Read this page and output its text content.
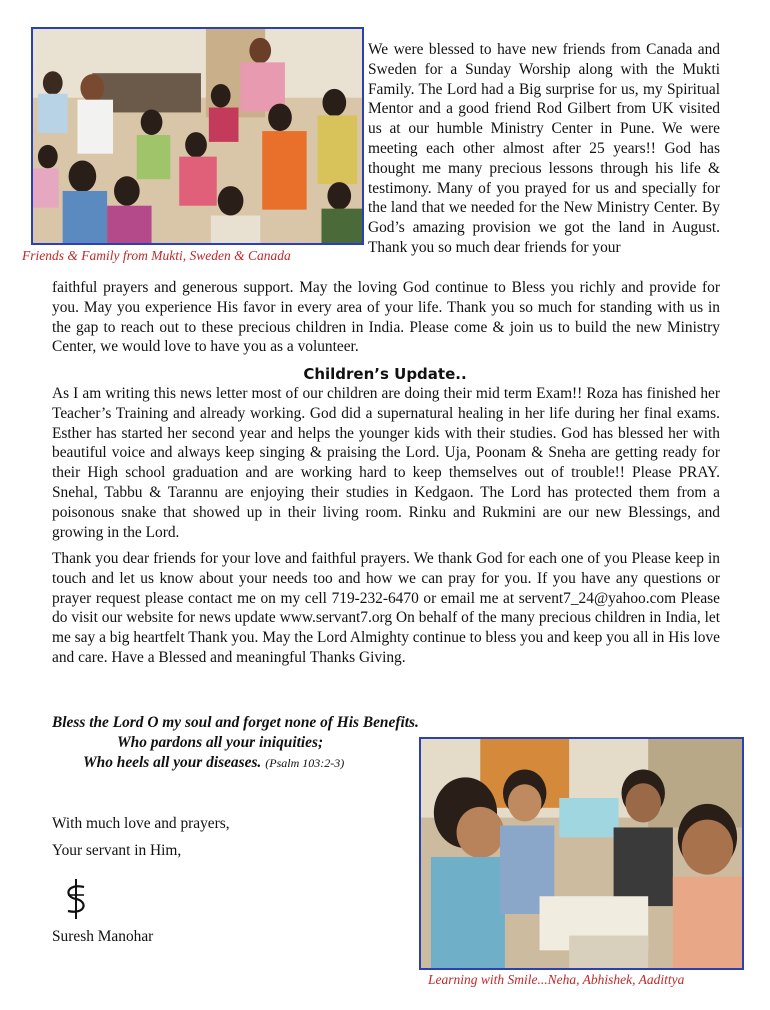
Friends & Family from Mukti, Sweden & Canada

We were blessed to have new friends from Canada and Sweden for a Sunday Worship along with the Mukti Family. The Lord had a Big surprise for us, my Spiritual Mentor and a good friend Rod Gilbert from UK visited us at our humble Ministry Center in Pune. We were meeting each other almost after 25 years!! God has thought me many precious lessons through his life & testimony. Many of you prayed for us and specially for the land that we needed for the New Ministry Center. By God’s amazing provision we got the land in August. Thank you so much dear friends for your

faithful prayers and generous support. May the loving God continue to Bless you richly and provide for you. May you experience His favor in every area of your life. Thank you so much for standing with us in the gap to reach out to these precious children in India. Please come & join us to build the new Ministry Center, we would love to have you as a volunteer.

Children’s Update..

As I am writing this news letter most of our children are doing their mid term Exam!! Roza has finished her Teacher’s Training and already working. God did a supernatural healing in her life during her final exams. Esther has started her second year and helps the younger kids with their studies. God has blessed her with beautiful voice and always keep singing & praising the Lord. Uja, Poonam & Sneha are getting ready for their High school graduation and are working hard to keep themselves out of trouble!! Please PRAY. Snehal, Tabbu & Tarannu are enjoying their studies in Kedgaon. The Lord has protected them from a poisonous snake that showed up in their living room. Rinku and Rukmini are our new Blessings, and growing in the Lord.

Thank you dear friends for your love and faithful prayers. We thank God for each one of you Please keep in touch and let us know about your needs too and how we can pray for you. If you have any questions or prayer request please contact me on my cell 719-232-6470 or email me at servent7_24@yahoo.com Please do visit our website for news update www.servant7.org On behalf of the many precious children in India, let me say a big heartfelt Thank you. May the Lord Almighty continue to bless you and keep you all in His love and care. Have a Blessed and meaningful Thanks Giving.

Bless the Lord O my soul and forget none of His Benefits.
Who pardons all your iniquities;
Who heels all your diseases. (Psalm 103:2-3)
With much love and prayers,
Your servant in Him,
Suresh Manohar
Learning with Smile...Neha, Abhishek, Aadittya
